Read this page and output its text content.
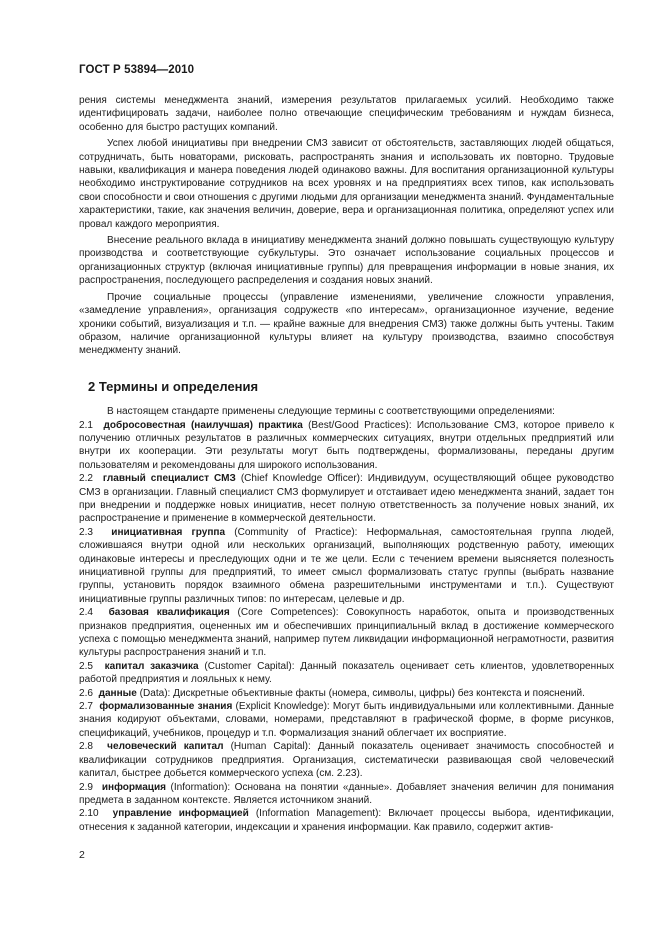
ГОСТ Р 53894—2010

рения системы менеджмента знаний, измерения результатов прилагаемых усилий. Необходимо также идентифицировать задачи, наиболее полно отвечающие специфическим требованиям и нуждам бизнеса, особенно для быстро растущих компаний.

Успех любой инициативы при внедрении СМЗ зависит от обстоятельств, заставляющих людей общаться, сотрудничать, быть новаторами, рисковать, распространять знания и использовать их повторно. Трудовые навыки, квалификация и манера поведения людей одинаково важны. Для воспитания организационной культуры необходимо инструктирование сотрудников на всех уровнях и на предприятиях всех типов, как использовать свои способности и свои отношения с другими людьми для организации менеджмента знаний. Фундаментальные характеристики, такие, как значения величин, доверие, вера и организационная политика, определяют успех или провал каждого мероприятия.

Внесение реального вклада в инициативу менеджмента знаний должно повышать существующую культуру производства и соответствующие субкультуры. Это означает использование социальных процессов и организационных структур (включая инициативные группы) для превращения информации в новые знания, их распространения, последующего распределения и создания новых знаний.

Прочие социальные процессы (управление изменениями, увеличение сложности управления, «замедление управления», организация содружеств «по интересам», организационное изучение, ведение хроники событий, визуализация и т.п. — крайне важные для внедрения СМЗ) также должны быть учтены. Таким образом, наличие организационной культуры влияет на культуру производства, взаимно способствуя менеджменту знаний.

2 Термины и определения

В настоящем стандарте применены следующие термины с соответствующими определениями:

2.1 добросовестная (наилучшая) практика (Best/Good Practices): Использование СМЗ, которое привело к получению отличных результатов в различных коммерческих ситуациях, внутри отдельных предприятий или внутри их кооперации. Эти результаты могут быть подтверждены, формализованы, переданы другим пользователям и рекомендованы для широкого использования.

2.2 главный специалист СМЗ (Chief Knowledge Officer): Индивидуум, осуществляющий общее руководство СМЗ в организации. Главный специалист СМЗ формулирует и отстаивает идею менеджмента знаний, задает тон при внедрении и поддержке новых инициатив, несет полную ответственность за получение новых знаний, их распространение и применение в коммерческой деятельности.

2.3 инициативная группа (Community of Practice): Неформальная, самостоятельная группа людей, сложившаяся внутри одной или нескольких организаций, выполняющих родственную работу, имеющих одинаковые интересы и преследующих одни и те же цели. Если с течением времени выясняется полезность инициативной группы для предприятий, то имеет смысл формализовать статус группы (выбрать название группы, установить порядок взаимного обмена разрешительными инструментами и т.п.). Существуют инициативные группы различных типов: по интересам, целевые и др.

2.4 базовая квалификация (Core Competences): Совокупность наработок, опыта и производственных признаков предприятия, оцененных им и обеспечивших принципиальный вклад в достижение коммерческого успеха с помощью менеджмента знаний, например путем ликвидации информационной неграмотности, развития культуры распространения знаний и т.п.

2.5 капитал заказчика (Customer Capital): Данный показатель оценивает сеть клиентов, удовлетворенных работой предприятия и лояльных к нему.

2.6 данные (Data): Дискретные объективные факты (номера, символы, цифры) без контекста и пояснений.

2.7 формализованные знания (Explicit Knowledge): Могут быть индивидуальными или коллективными. Данные знания кодируют объектами, словами, номерами, представляют в графической форме, в форме рисунков, спецификаций, учебников, процедур и т.п. Формализация знаний облегчает их восприятие.

2.8 человеческий капитал (Human Capital): Данный показатель оценивает значимость способностей и квалификации сотрудников предприятия. Организация, систематически развивающая свой человеческий капитал, быстрее добьется коммерческого успеха (см. 2.23).

2.9 информация (Information): Основана на понятии «данные». Добавляет значения величин для понимания предмета в заданном контексте. Является источником знаний.

2.10 управление информацией (Information Management): Включает процессы выбора, идентификации, отнесения к заданной категории, индексации и хранения информации. Как правило, содержит актив-

2
